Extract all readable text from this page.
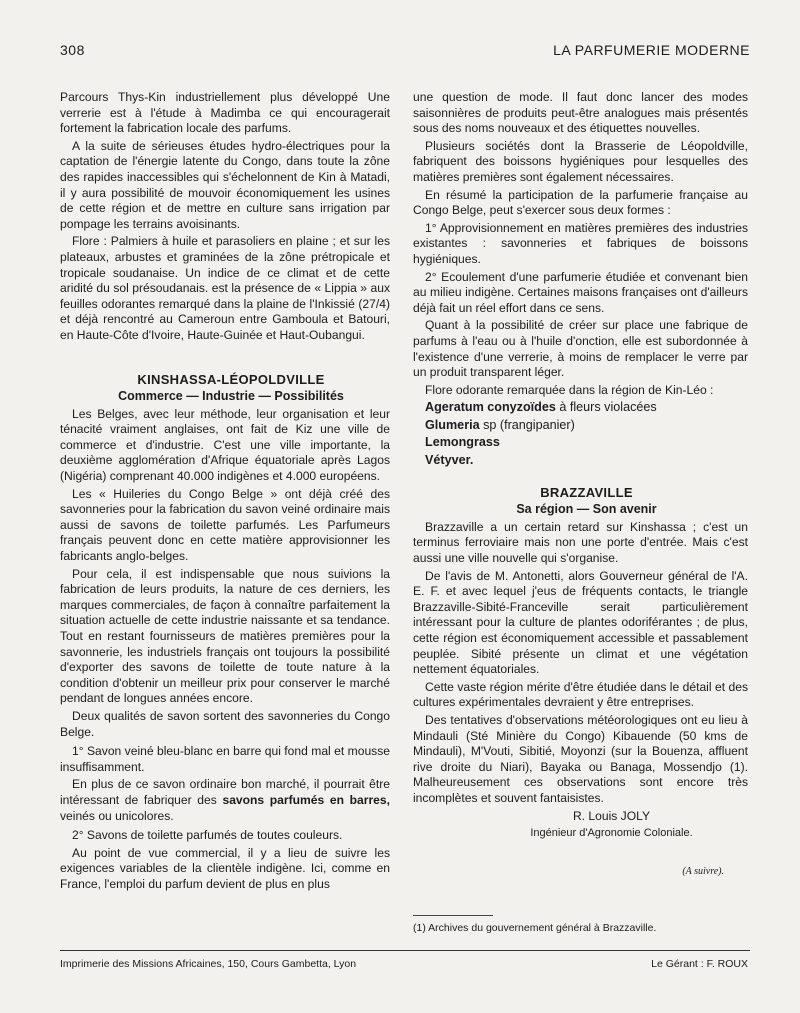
308	LA PARFUMERIE MODERNE

Parcours Thys-Kin industriellement plus développé Une verrerie est à l'étude à Madimba ce qui encouragerait fortement la fabrication locale des parfums.

A la suite de sérieuses études hydro-électriques pour la captation de l'énergie latente du Congo, dans toute la zône des rapides inaccessibles qui s'échelonnent de Kin à Matadi, il y aura possibilité de mouvoir économiquement les usines de cette région et de mettre en culture sans irrigation par pompage les terrains avoisinants.

Flore : Palmiers à huile et parasoliers en plaine ; et sur les plateaux, arbustes et graminées de la zône prétropicale et tropicale soudanaise. Un indice de ce climat et de cette aridité du sol présoudanais. est la présence de « Lippia » aux feuilles odorantes remarqué dans la plaine de l'Inkissié (27/4) et déjà rencontré au Cameroun entre Gamboula et Batouri, en Haute-Côte d'Ivoire, Haute-Guinée et Haut-Oubangui.

KINSHASSA-LÉOPOLDVILLE

Commerce — Industrie — Possibilités

Les Belges, avec leur méthode, leur organisation et leur ténacité vraiment anglaises, ont fait de Kiz une ville de commerce et d'industrie. C'est une ville importante, la deuxième agglomération d'Afrique équatoriale après Lagos (Nigéria) comprenant 40.000 indigènes et 4.000 européens.

Les « Huileries du Congo Belge » ont déjà créé des savonneries pour la fabrication du savon veiné ordinaire mais aussi de savons de toilette parfumés. Les Parfumeurs français peuvent donc en cette matière approvisionner les fabricants anglo-belges.

Pour cela, il est indispensable que nous suivions la fabrication de leurs produits, la nature de ces derniers, les marques commerciales, de façon à connaître parfaitement la situation actuelle de cette industrie naissante et sa tendance. Tout en restant fournisseurs de matières premières pour la savonnerie, les industriels français ont toujours la possibilité d'exporter des savons de toilette de toute nature à la condition d'obtenir un meilleur prix pour conserver le marché pendant de longues années encore.

Deux qualités de savon sortent des savonneries du Congo Belge.

1° Savon veiné bleu-blanc en barre qui fond mal et mousse insuffisamment.

En plus de ce savon ordinaire bon marché, il pourrait être intéressant de fabriquer des savons parfumés en barres, veinés ou unicolores.

2° Savons de toilette parfumés de toutes couleurs.

Au point de vue commercial, il y a lieu de suivre les exigences variables de la clientèle indigène. Ici, comme en France, l'emploi du parfum devient de plus en plus

une question de mode. Il faut donc lancer des modes saisonnières de produits peut-être analogues mais présentés sous des noms nouveaux et des étiquettes nouvelles.

Plusieurs sociétés dont la Brasserie de Léopoldville, fabriquent des boissons hygiéniques pour lesquelles des matières premières sont également nécessaires.

En résumé la participation de la parfumerie française au Congo Belge, peut s'exercer sous deux formes :

1° Approvisionnement en matières premières des industries existantes : savonneries et fabriques de boissons hygiéniques.

2° Ecoulement d'une parfumerie étudiée et convenant bien au milieu indigène. Certaines maisons françaises ont d'ailleurs déjà fait un réel effort dans ce sens.

Quant à la possibilité de créer sur place une fabrique de parfums à l'eau ou à l'huile d'onction, elle est subordonnée à l'existence d'une verrerie, à moins de remplacer le verre par un produit transparent léger.

Flore odorante remarquée dans la région de Kin-Léo :

Ageratum conyzoïdes à fleurs violacées

Glumeria sp (frangipanier)

Lemongrass

Vétyver.

BRAZZAVILLE

Sa région — Son avenir

Brazzaville a un certain retard sur Kinshassa ; c'est un terminus ferroviaire mais non une porte d'entrée. Mais c'est aussi une ville nouvelle qui s'organise.

De l'avis de M. Antonetti, alors Gouverneur général de l'A. E. F. et avec lequel j'eus de fréquents contacts, le triangle Brazzaville-Sibité-Franceville serait particulièrement intéressant pour la culture de plantes odoriférantes ; de plus, cette région est économiquement accessible et passablement peuplée. Sibité présente un climat et une végétation nettement équatoriales.

Cette vaste région mérite d'être étudiée dans le détail et des cultures expérimentales devraient y être entreprises.

Des tentatives d'observations météorologiques ont eu lieu à Mindauli (Sté Minière du Congo) Kibauende (50 kms de Mindauli), M'Vouti, Sibitié, Moyonzi (sur la Bouenza, affluent rive droite du Niari), Bayaka ou Banaga, Mossendjo (1). Malheureusement ces observations sont encore très incomplètes et souvent fantaisistes.

R. Louis JOLY

Ingénieur d'Agronomie Coloniale.

(A suivre).
(1) Archives du gouvernement général à Brazzaville.
Imprimerie des Missions Africaines, 150, Cours Gambetta, Lyon	Le Gérant : F. ROUX
